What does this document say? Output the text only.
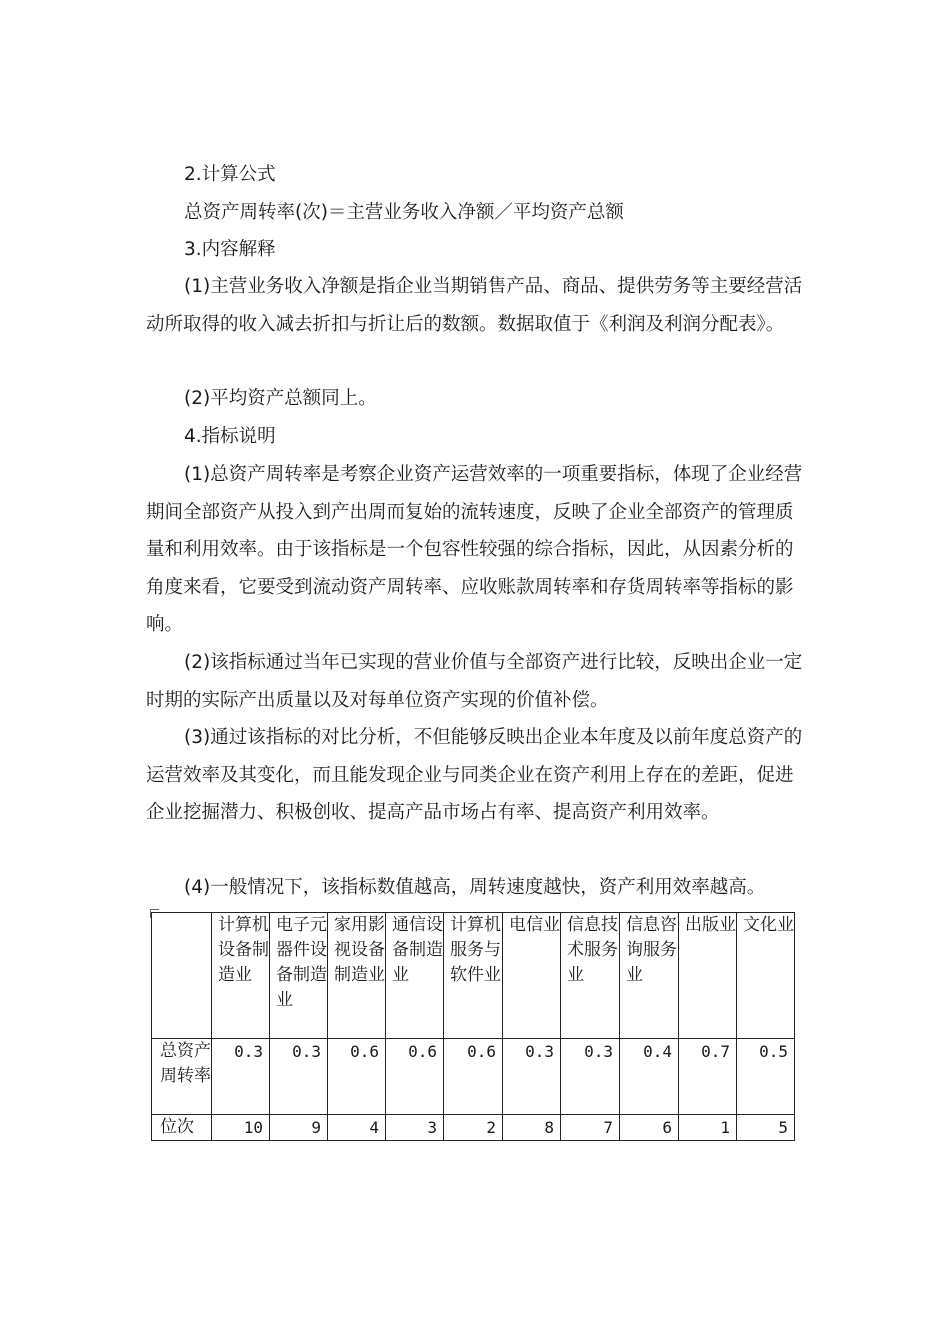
2.计算公式

总资产周转率(次)＝主营业务收入净额／平均资产总额

3.内容解释

(1)主营业务收入净额是指企业当期销售产品、商品、提供劳务等主要经营活动所取得的收入减去折扣与折让后的数额。数据取值于《利润及利润分配表》。

(2)平均资产总额同上。

4.指标说明

(1)总资产周转率是考察企业资产运营效率的一项重要指标，体现了企业经营期间全部资产从投入到产出周而复始的流转速度，反映了企业全部资产的管理质量和利用效率。由于该指标是一个包容性较强的综合指标，因此，从因素分析的角度来看，它要受到流动资产周转率、应收账款周转率和存货周转率等指标的影响。

(2)该指标通过当年已实现的营业价值与全部资产进行比较，反映出企业一定时期的实际产出质量以及对每单位资产实现的价值补偿。

(3)通过该指标的对比分析，不但能够反映出企业本年度及以前年度总资产的运营效率及其变化，而且能发现企业与同类企业在资产利用上存在的差距，促进企业挖掘潜力、积极创收、提高产品市场占有率、提高资产利用效率。

(4)一般情况下，该指标数值越高，周转速度越快，资产利用效率越高。

	计算机设备制造业	电子元器件设备制造业	家用影视设备制造业	通信设备制造业	计算机服务与软件业	电信业	信息技术服务业	信息咨询服务业	出版业	文化业
总资产周转率	0.3	0.3	0.6	0.6	0.6	0.3	0.3	0.4	0.7	0.5
位次	10	9	4	3	2	8	7	6	1	5
